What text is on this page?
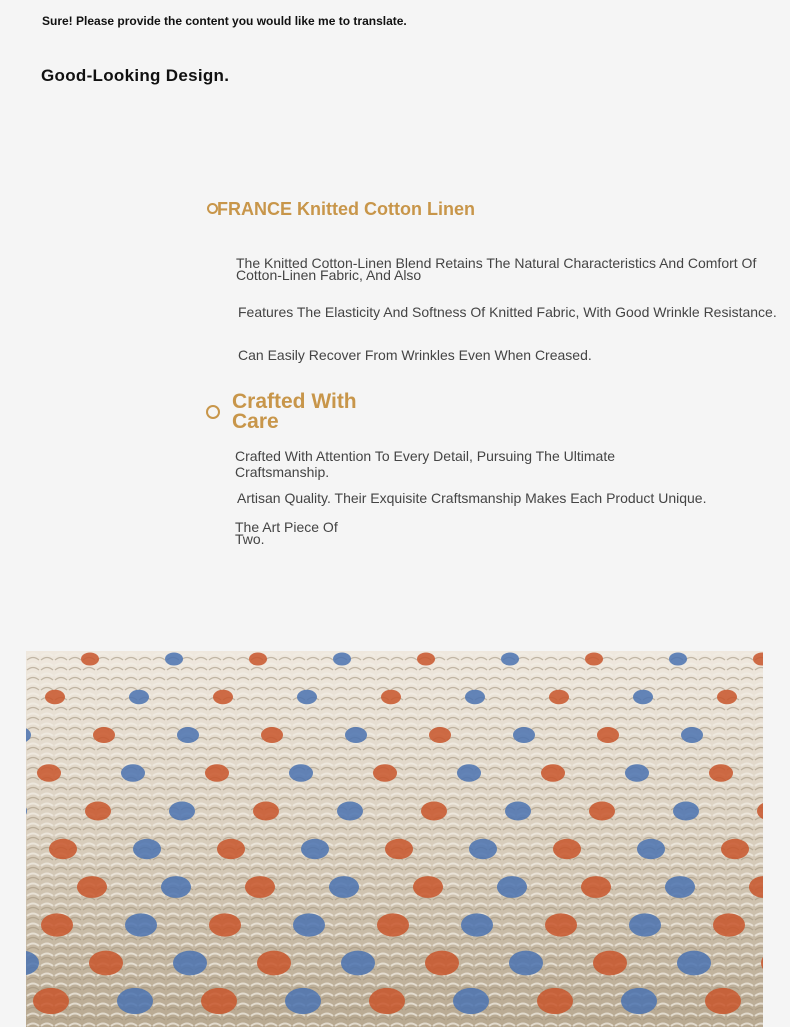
Sure! Please provide the content you would like me to translate.
Good-Looking Design.
FRANCE Knitted Cotton Linen
The Knitted Cotton-Linen Blend Retains The Natural Characteristics And Comfort Of Cotton-Linen Fabric, And Also
Features The Elasticity And Softness Of Knitted Fabric, With Good Wrinkle Resistance.
Can Easily Recover From Wrinkles Even When Creased.
Crafted With Care
Crafted With Attention To Every Detail, Pursuing The Ultimate Craftsmanship.
Artisan Quality. Their Exquisite Craftsmanship Makes Each Product Unique.
The Art Piece Of Two.
